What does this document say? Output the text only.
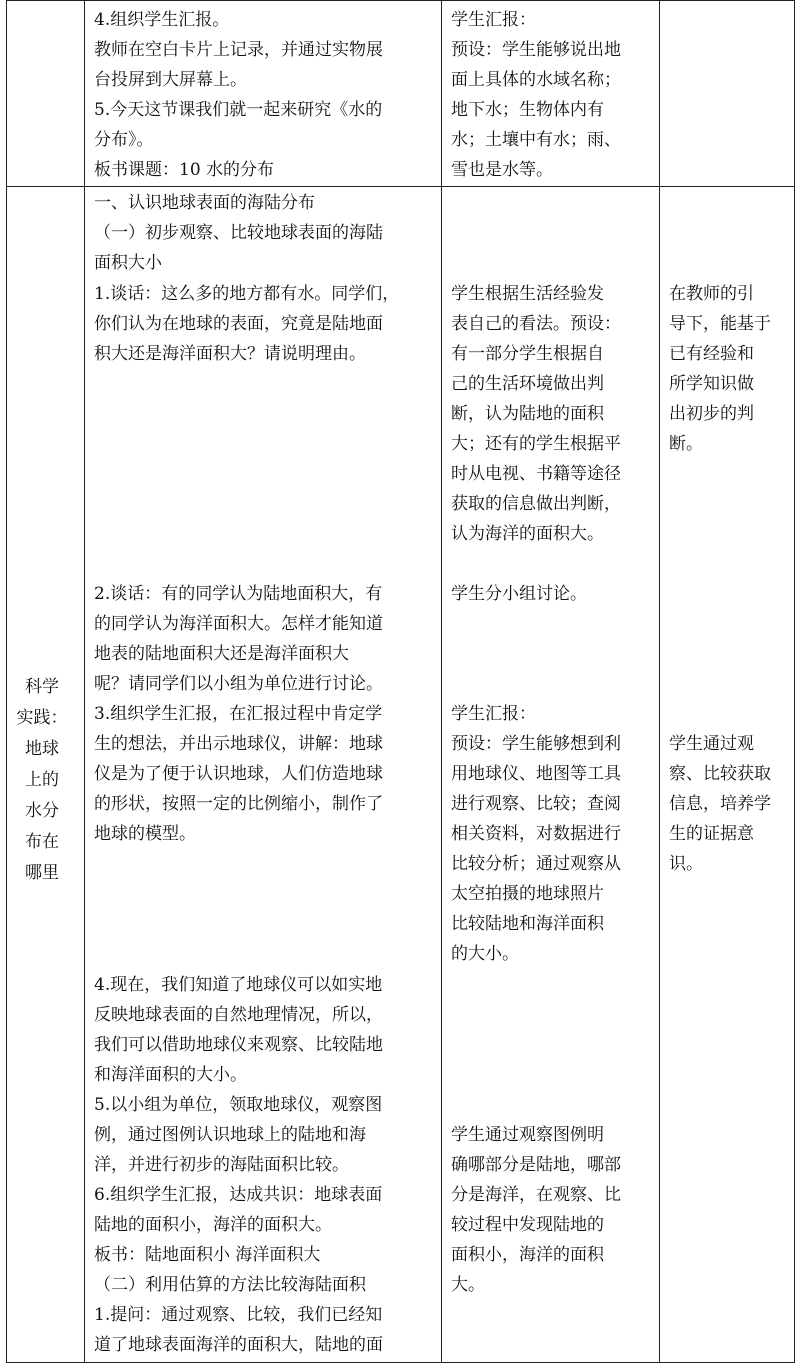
4.组织学生汇报。

教师在空白卡片上记录，并通过实物展

台投屏到大屏幕上。

5.今天这节课我们就一起来研究《水的

分布》。

板书课题：10 水的分布

学生汇报：

预设：学生能够说出地

面上具体的水域名称；

地下水；生物体内有

水；土壤中有水；雨、

雪也是水等。

科学
实践：
地球
上的
水分
布在
哪里

一、认识地球表面的海陆分布

（一）初步观察、比较地球表面的海陆

面积大小

1.谈话：这么多的地方都有水。同学们，

你们认为在地球的表面，究竟是陆地面

积大还是海洋面积大？请说明理由。

2.谈话：有的同学认为陆地面积大，有

的同学认为海洋面积大。怎样才能知道

地表的陆地面积大还是海洋面积大

呢？请同学们以小组为单位进行讨论。

3.组织学生汇报，在汇报过程中肯定学

生的想法，并出示地球仪，讲解：地球

仪是为了便于认识地球，人们仿造地球

的形状，按照一定的比例缩小，制作了

地球的模型。

4.现在，我们知道了地球仪可以如实地

反映地球表面的自然地理情况，所以，

我们可以借助地球仪来观察、比较陆地

和海洋面积的大小。

5.以小组为单位，领取地球仪，观察图

例，通过图例认识地球上的陆地和海

洋，并进行初步的海陆面积比较。

6.组织学生汇报，达成共识：地球表面

陆地的面积小，海洋的面积大。

板书：陆地面积小 海洋面积大

（二）利用估算的方法比较海陆面积

1.提问：通过观察、比较，我们已经知

道了地球表面海洋的面积大，陆地的面

学生根据生活经验发

表自己的看法。预设：

有一部分学生根据自

己的生活环境做出判

断，认为陆地的面积

大；还有的学生根据平

时从电视、书籍等途径

获取的信息做出判断，

认为海洋的面积大。

学生分小组讨论。

学生汇报：

预设：学生能够想到利

用地球仪、地图等工具

进行观察、比较；查阅

相关资料，对数据进行

比较分析；通过观察从

太空拍摄的地球照片

比较陆地和海洋面积

的大小。

学生通过观察图例明

确哪部分是陆地，哪部

分是海洋，在观察、比

较过程中发现陆地的

面积小，海洋的面积

大。

在教师的引

导下，能基于

已有经验和

所学知识做

出初步的判

断。

学生通过观

察、比较获取

信息，培养学

生的证据意

识。
